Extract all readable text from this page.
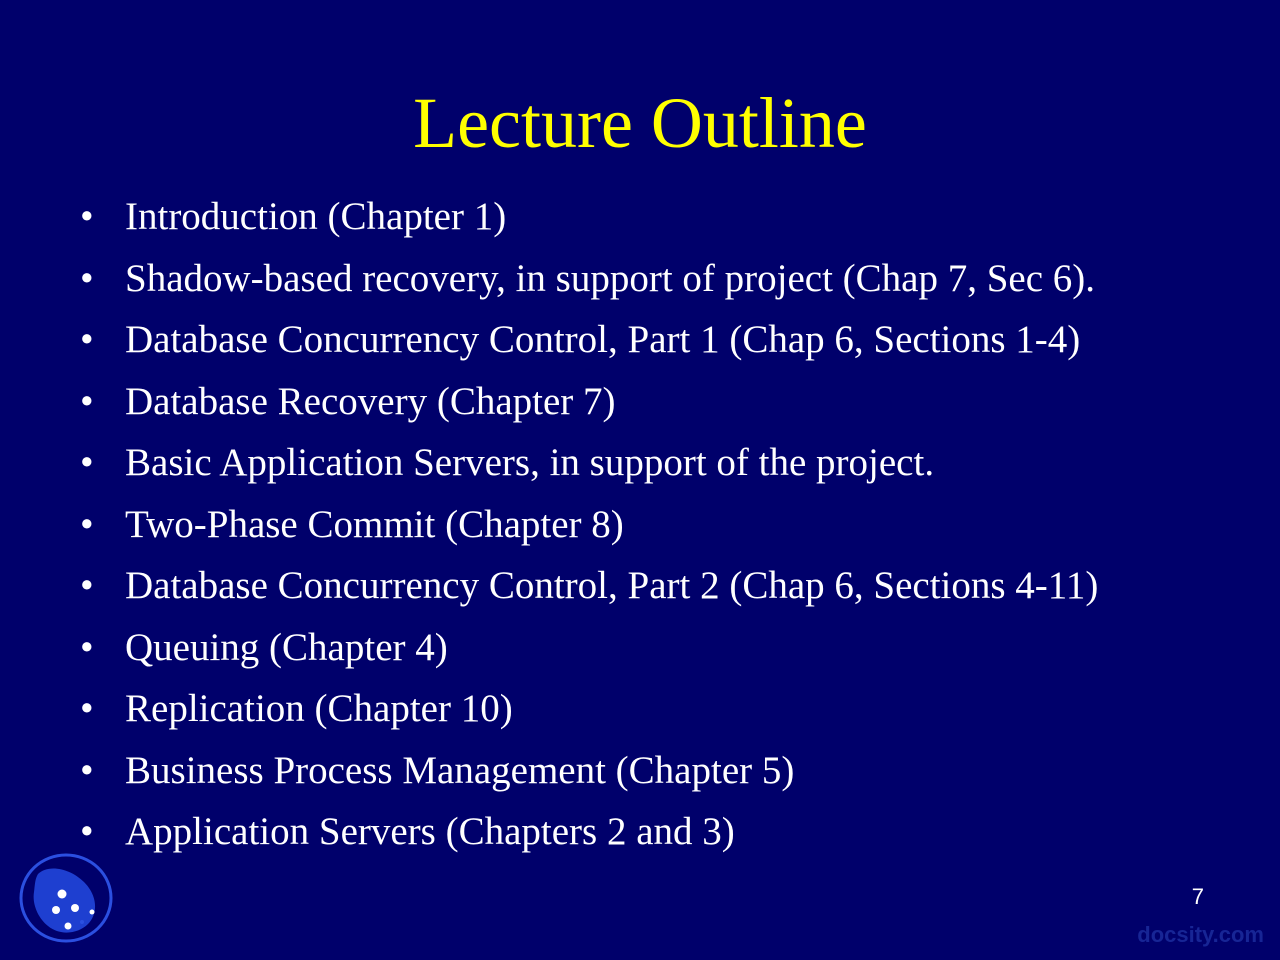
Lecture Outline
• Introduction (Chapter 1)
• Shadow-based recovery, in support of project (Chap 7, Sec 6).
• Database Concurrency Control, Part 1 (Chap 6, Sections 1-4)
• Database Recovery (Chapter 7)
• Basic Application Servers, in support of the project.
• Two-Phase Commit (Chapter 8)
• Database Concurrency Control, Part 2 (Chap 6, Sections 4-11)
• Queuing (Chapter 4)
• Replication (Chapter 10)
• Business Process Management (Chapter 5)
• Application Servers (Chapters 2 and 3)
7
docsity.com
